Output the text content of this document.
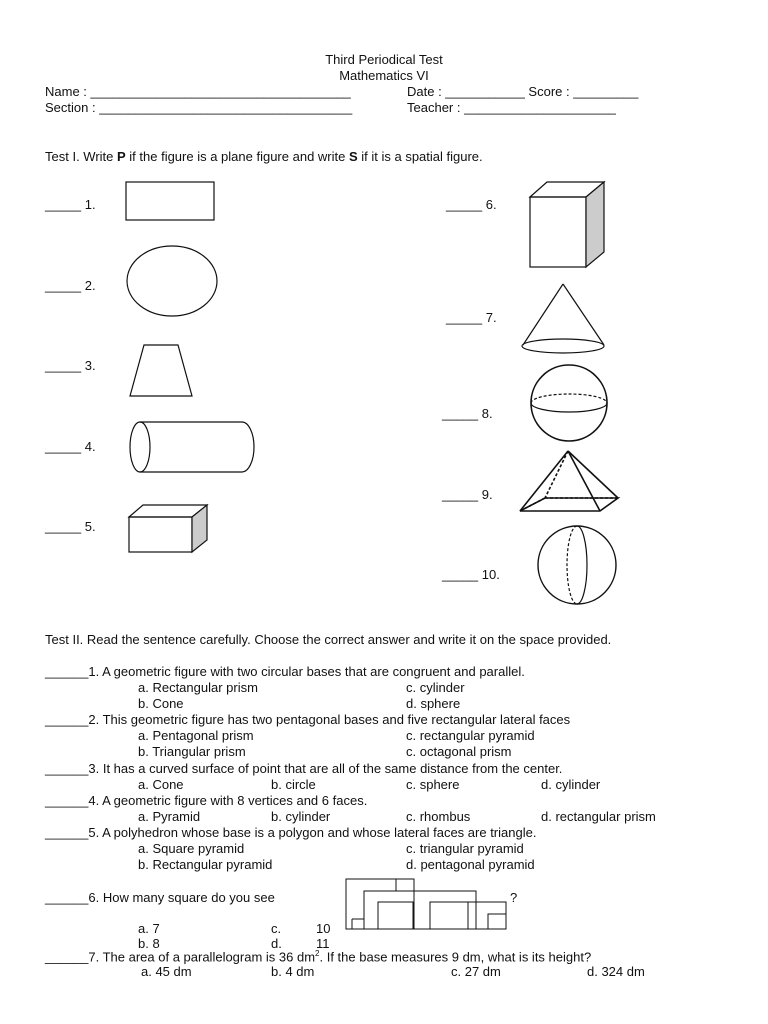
Third Periodical Test
Mathematics VI
Name : ____________________________________	Date : ___________ Score : _________
Section : ___________________________________	Teacher : _____________________
Test I. Write P if the figure is a plane figure and write S if it is a spatial figure.
_____ 1.
_____ 2.
_____ 3.
_____ 4.
_____ 5.
_____ 6.
_____ 7.
_____ 8.
_____ 9.
_____ 10.
Test II. Read the sentence carefully. Choose the correct answer and write it on the space provided.
______1. A geometric figure with two circular bases that are congruent and parallel.
a. Rectangular prism	c. cylinder
b. Cone	d. sphere
______2. This geometric figure has two pentagonal bases and five rectangular lateral faces
a. Pentagonal prism	c. rectangular pyramid
b. Triangular prism	c. octagonal prism
______3. It has a curved surface of point that are all of the same distance from the center.
a. Cone	b. circle	c. sphere	d. cylinder
______4. A geometric figure with 8 vertices and 6 faces.
a. Pyramid	b. cylinder	c. rhombus	d. rectangular prism
______5. A polyhedron whose base is a polygon and whose lateral faces are triangle.
a. Square pyramid	c. triangular pyramid
b. Rectangular pyramid	d. pentagonal pyramid
______6. How many square do you see	?
a. 7	c.	10
b. 8	d.	11
______7. The area of a parallelogram is 36 $dm^2$. If the base measures 9 dm, what is its height?
a. 45 dm	b. 4 dm	c. 27 dm	d. 324 dm
